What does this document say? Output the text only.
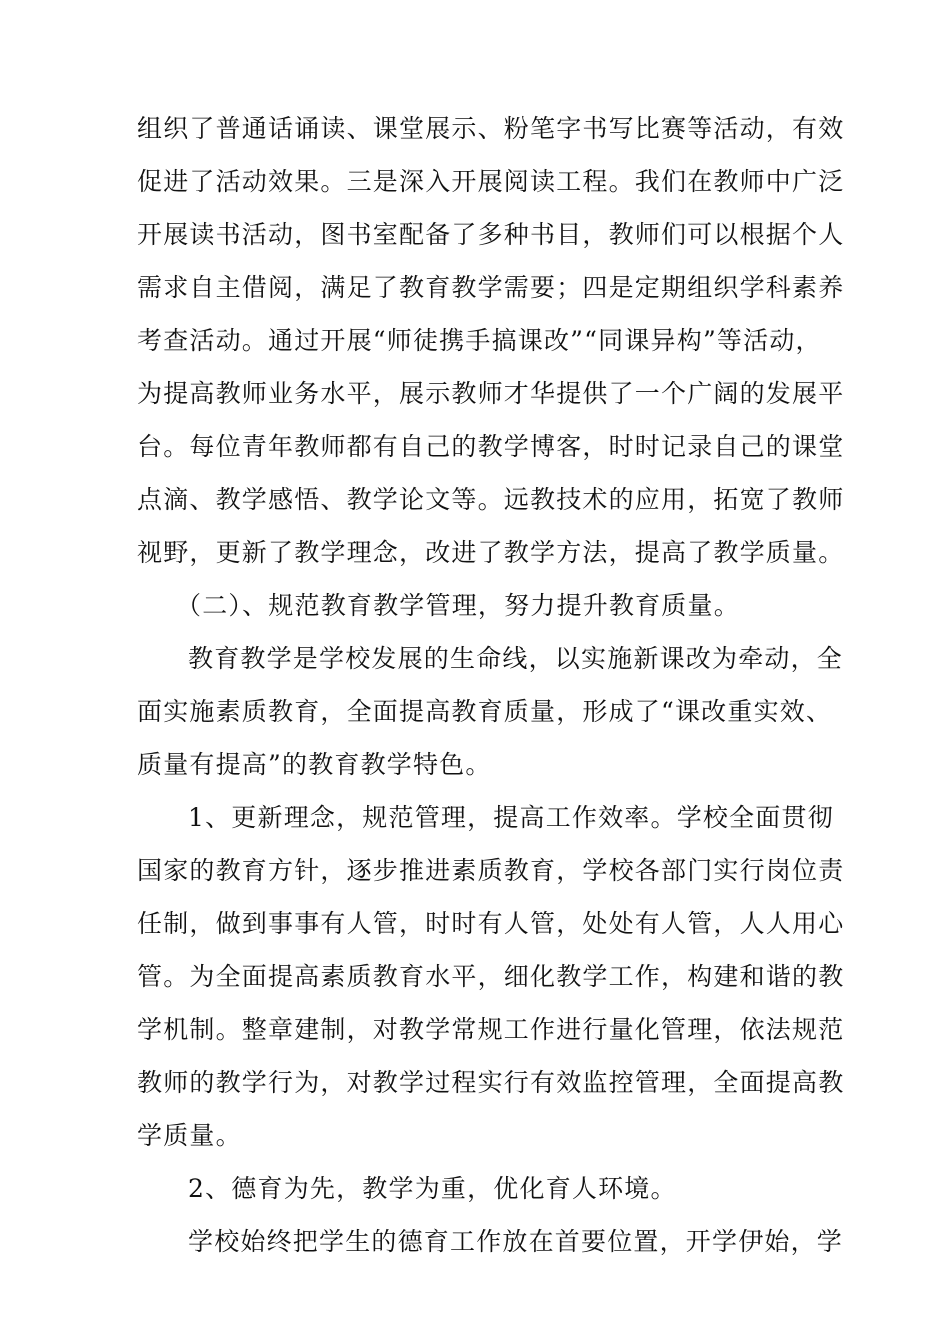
组织了普通话诵读、课堂展示、粉笔字书写比赛等活动，有效
促进了活动效果。三是深入开展阅读工程。我们在教师中广泛
开展读书活动，图书室配备了多种书目，教师们可以根据个人
需求自主借阅，满足了教育教学需要；四是定期组织学科素养
考查活动。通过开展“师徒携手搞课改”“同课异构”等活动，
为提高教师业务水平，展示教师才华提供了一个广阔的发展平
台。每位青年教师都有自己的教学博客，时时记录自己的课堂
点滴、教学感悟、教学论文等。远教技术的应用，拓宽了教师
视野，更新了教学理念，改进了教学方法，提高了教学质量。
（二）、规范教育教学管理，努力提升教育质量。
教育教学是学校发展的生命线，以实施新课改为牵动，全
面实施素质教育，全面提高教育质量，形成了“课改重实效、
质量有提高”的教育教学特色。
1、更新理念，规范管理，提高工作效率。学校全面贯彻
国家的教育方针，逐步推进素质教育，学校各部门实行岗位责
任制，做到事事有人管，时时有人管，处处有人管，人人用心
管。为全面提高素质教育水平，细化教学工作，构建和谐的教
学机制。整章建制，对教学常规工作进行量化管理，依法规范
教师的教学行为，对教学过程实行有效监控管理，全面提高教
学质量。
2、德育为先，教学为重，优化育人环境。
学校始终把学生的德育工作放在首要位置，开学伊始，学
